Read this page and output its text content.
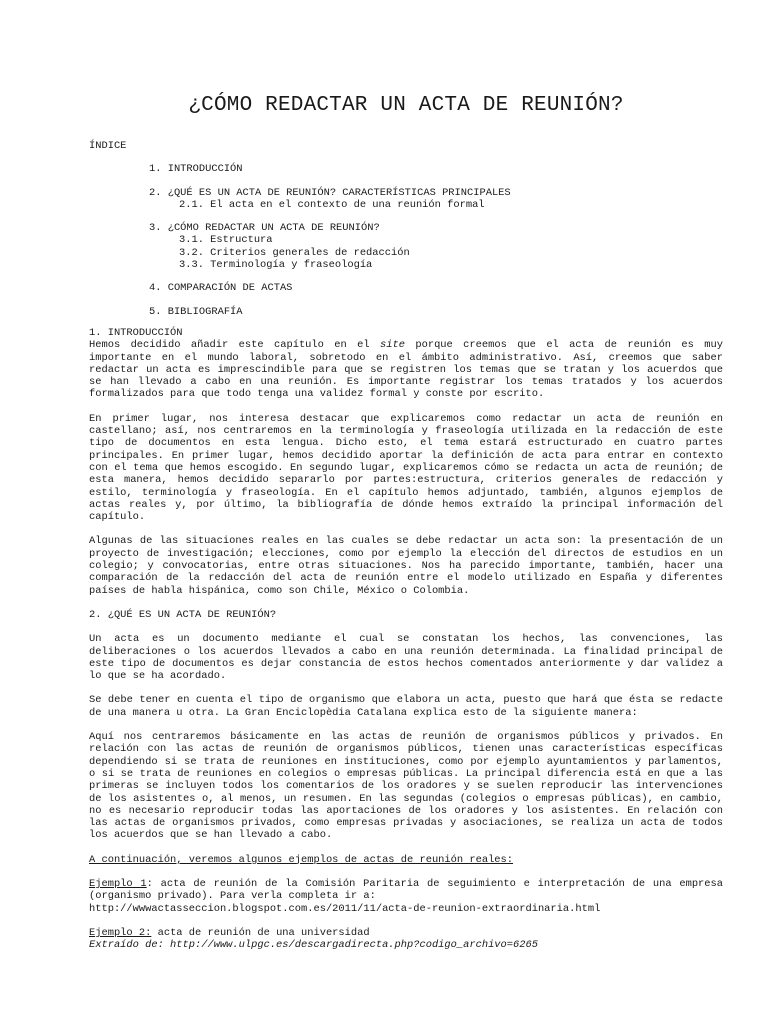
¿CÓMO REDACTAR UN ACTA DE REUNIÓN?
ÍNDICE
1. INTRODUCCIÓN
2. ¿QUÉ ES UN ACTA DE REUNIÓN? CARACTERÍSTICAS PRINCIPALES
2.1. El acta en el contexto de una reunión formal
3. ¿CÓMO REDACTAR UN ACTA DE REUNIÓN?
3.1. Estructura
3.2. Criterios generales de redacción
3.3. Terminología y fraseología
4. COMPARACIÓN DE ACTAS
5. BIBLIOGRAFÍA

1. INTRODUCCIÓN
Hemos decidido añadir este capítulo en el site porque creemos que el acta de reunión es muy importante en el mundo laboral, sobretodo en el ámbito administrativo. Así, creemos que saber redactar un acta es imprescindible para que se registren los temas que se tratan y los acuerdos que se han llevado a cabo en una reunión. Es importante registrar los temas tratados y los acuerdos formalizados para que todo tenga una validez formal y conste por escrito.

En primer lugar, nos interesa destacar que explicaremos como redactar un acta de reunión en castellano; así, nos centraremos en la terminología y fraseología utilizada en la redacción de este tipo de documentos en esta lengua. Dicho esto, el tema estará estructurado en cuatro partes principales. En primer lugar, hemos decidido aportar la definición de acta para entrar en contexto con el tema que hemos escogido. En segundo lugar, explicaremos cómo se redacta un acta de reunión; de esta manera, hemos decidido separarlo por partes:estructura, criterios generales de redacción y estilo, terminología y fraseología. En el capítulo hemos adjuntado, también, algunos ejemplos de actas reales y, por último, la bibliografía de dónde hemos extraído la principal información del capítulo.

Algunas de las situaciones reales en las cuales se debe redactar un acta son: la presentación de un proyecto de investigación; elecciones, como por ejemplo la elección del directos de estudios en un colegio; y convocatorias, entre otras situaciones. Nos ha parecido importante, también, hacer una comparación de la redacción del acta de reunión entre el modelo utilizado en España y diferentes países de habla hispánica, como son Chile, México o Colombia.

2. ¿QUÉ ES UN ACTA DE REUNIÓN?

Un acta es un documento mediante el cual se constatan los hechos, las convenciones, las deliberaciones o los acuerdos llevados a cabo en una reunión determinada. La finalidad principal de este tipo de documentos es dejar constancia de estos hechos comentados anteriormente y dar validez a lo que se ha acordado.

Se debe tener en cuenta el tipo de organismo que elabora un acta, puesto que hará que ésta se redacte de una manera u otra. La Gran Enciclopèdia Catalana explica esto de la siguiente manera:

Aquí nos centraremos básicamente en las actas de reunión de organismos públicos y privados. En relación con las actas de reunión de organismos públicos, tienen unas características específicas dependiendo si se trata de reuniones en instituciones, como por ejemplo ayuntamientos y parlamentos, o si se trata de reuniones en colegios o empresas públicas. La principal diferencia está en que a las primeras se incluyen todos los comentarios de los oradores y se suelen reproducir las intervenciones de los asistentes o, al menos, un resumen. En las segundas (colegios o empresas públicas), en cambio, no es necesario reproducir todas las aportaciones de los oradores y los asistentes. En relación con las actas de organismos privados, como empresas privadas y asociaciones, se realiza un acta de todos los acuerdos que se han llevado a cabo.

A continuación, veremos algunos ejemplos de actas de reunión reales:

Ejemplo 1: acta de reunión de la Comisión Paritaria de seguimiento e interpretación de una empresa (organismo privado). Para verla completa ir a:
http://wwwactasseccion.blogspot.com.es/2011/11/acta-de-reunion-extraordinaria.html
Ejemplo 2: acta de reunión de una universidad
Extraído de: http://www.ulpgc.es/descargadirecta.php?codigo_archivo=6265
